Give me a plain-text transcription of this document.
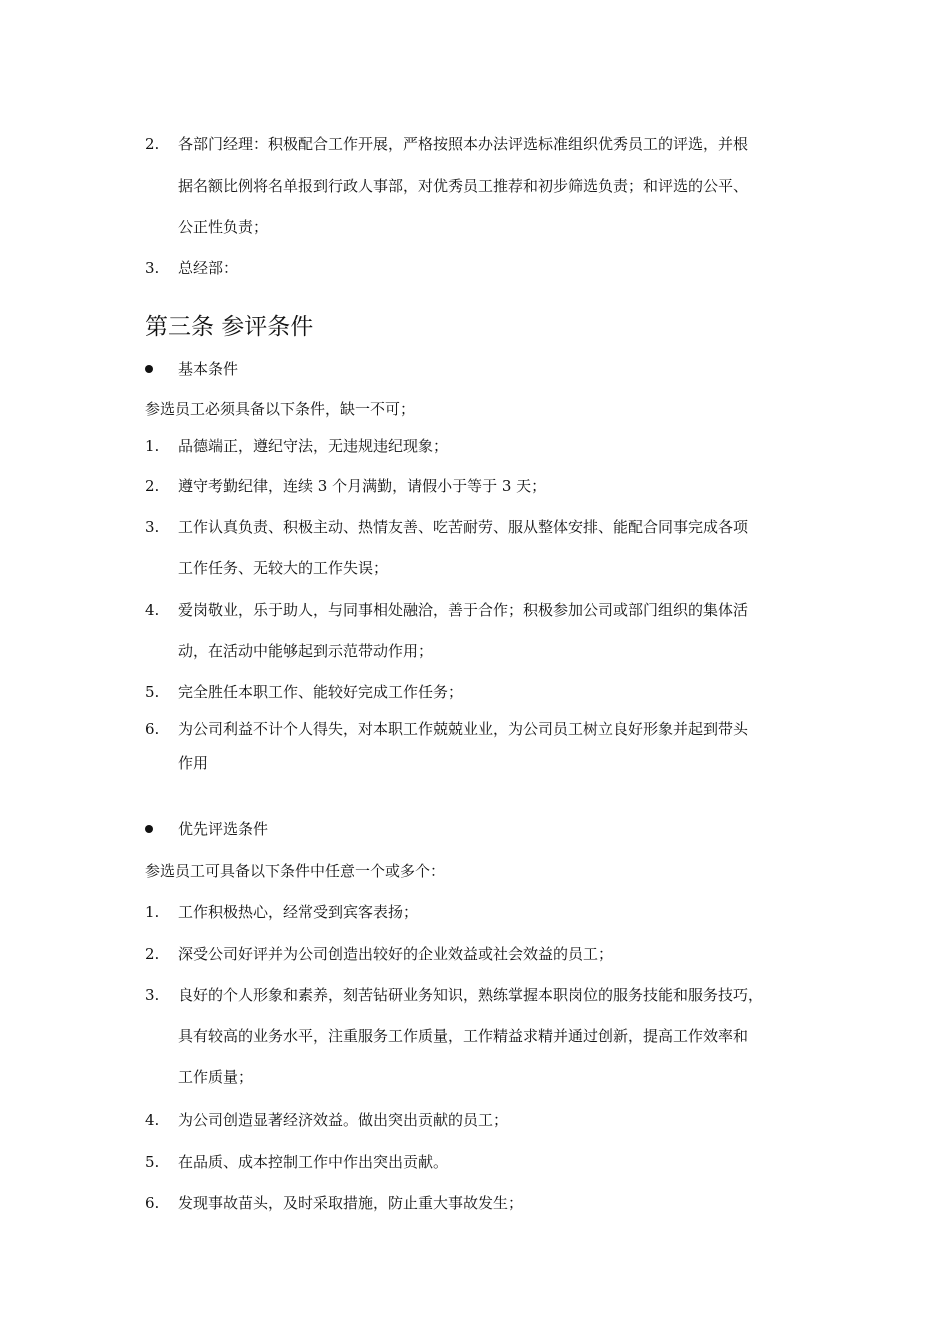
2. 各部门经理：积极配合工作开展，严格按照本办法评选标准组织优秀员工的评选，并根
据名额比例将名单报到行政人事部，对优秀员工推荐和初步筛选负责；和评选的公平、
公正性负责；
3. 总经部：
第三条 参评条件
基本条件
参选员工必须具备以下条件，缺一不可；
1. 品德端正，遵纪守法，无违规违纪现象；
2. 遵守考勤纪律，连续 3 个月满勤，请假小于等于 3 天；
3. 工作认真负责、积极主动、热情友善、吃苦耐劳、服从整体安排、能配合同事完成各项
工作任务、无较大的工作失误；
4. 爱岗敬业，乐于助人，与同事相处融洽，善于合作；积极参加公司或部门组织的集体活
动，在活动中能够起到示范带动作用；
5. 完全胜任本职工作、能较好完成工作任务；
6. 为公司利益不计个人得失，对本职工作兢兢业业，为公司员工树立良好形象并起到带头
作用
优先评选条件
参选员工可具备以下条件中任意一个或多个：
1. 工作积极热心，经常受到宾客表扬；
2. 深受公司好评并为公司创造出较好的企业效益或社会效益的员工；
3. 良好的个人形象和素养，刻苦钻研业务知识，熟练掌握本职岗位的服务技能和服务技巧，
具有较高的业务水平，注重服务工作质量，工作精益求精并通过创新，提高工作效率和
工作质量；
4. 为公司创造显著经济效益。做出突出贡献的员工；
5. 在品质、成本控制工作中作出突出贡献。
6. 发现事故苗头，及时采取措施，防止重大事故发生；
